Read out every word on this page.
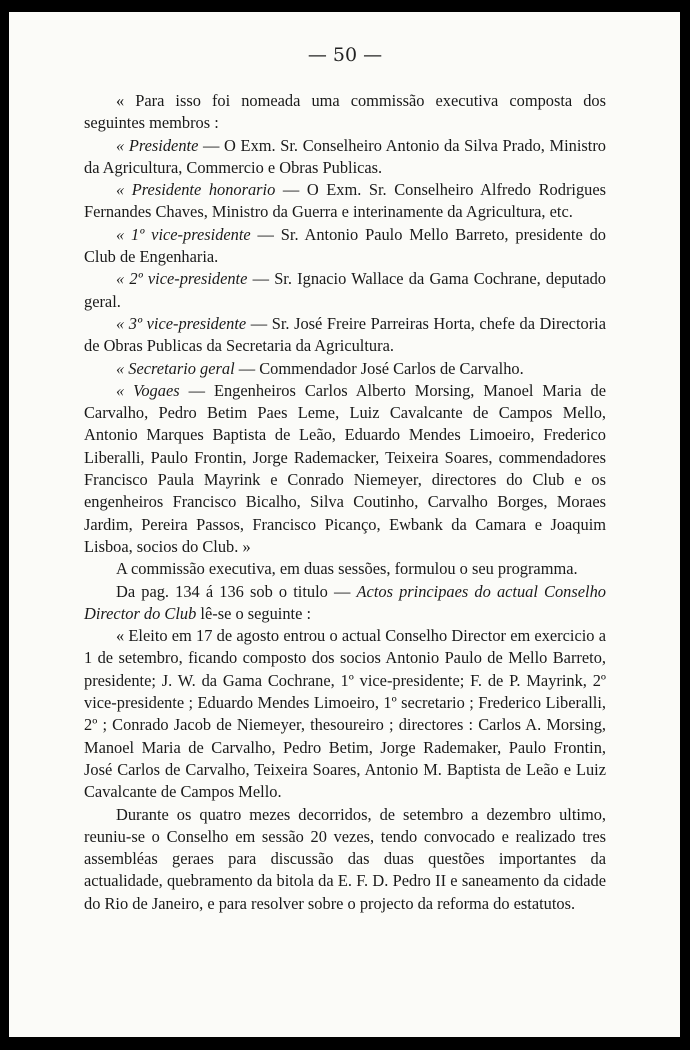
— 50 —

« Para isso foi nomeada uma commissão executiva composta dos seguintes membros :

« Presidente — O Exm. Sr. Conselheiro Antonio da Silva Prado, Ministro da Agricultura, Commercio e Obras Publicas.

« Presidente honorario — O Exm. Sr. Conselheiro Alfredo Rodrigues Fernandes Chaves, Ministro da Guerra e interinamente da Agricultura, etc.

« 1º vice-presidente — Sr. Antonio Paulo Mello Barreto, presidente do Club de Engenharia.

« 2º vice-presidente — Sr. Ignacio Wallace da Gama Cochrane, deputado geral.

« 3º vice-presidente — Sr. José Freire Parreiras Horta, chefe da Directoria de Obras Publicas da Secretaria da Agricultura.

« Secretario geral — Commendador José Carlos de Carvalho.

« Vogaes — Engenheiros Carlos Alberto Morsing, Manoel Maria de Carvalho, Pedro Betim Paes Leme, Luiz Cavalcante de Campos Mello, Antonio Marques Baptista de Leão, Eduardo Mendes Limoeiro, Frederico Liberalli, Paulo Frontin, Jorge Rademacker, Teixeira Soares, commendadores Francisco Paula Mayrink e Conrado Niemeyer, directores do Club e os engenheiros Francisco Bicalho, Silva Coutinho, Carvalho Borges, Moraes Jardim, Pereira Passos, Francisco Picanço, Ewbank da Camara e Joaquim Lisboa, socios do Club. »

A commissão executiva, em duas sessões, formulou o seu programma.

Da pag. 134 á 136 sob o titulo — Actos principaes do actual Conselho Director do Club lê-se o seguinte :

« Eleito em 17 de agosto entrou o actual Conselho Director em exercicio a 1 de setembro, ficando composto dos socios Antonio Paulo de Mello Barreto, presidente; J. W. da Gama Cochrane, 1º vice-presidente; F. de P. Mayrink, 2º vice-presidente ; Eduardo Mendes Limoeiro, 1º secretario ; Frederico Liberalli, 2º ; Conrado Jacob de Niemeyer, thesoureiro ; directores : Carlos A. Morsing, Manoel Maria de Carvalho, Pedro Betim, Jorge Rademaker, Paulo Frontin, José Carlos de Carvalho, Teixeira Soares, Antonio M. Baptista de Leão e Luiz Cavalcante de Campos Mello.

Durante os quatro mezes decorridos, de setembro a dezembro ultimo, reuniu-se o Conselho em sessão 20 vezes, tendo convocado e realizado tres assembléas geraes para discussão das duas questões importantes da actualidade, quebramento da bitola da E. F. D. Pedro II e saneamento da cidade do Rio de Janeiro, e para resolver sobre o projecto da reforma do estatutos.
